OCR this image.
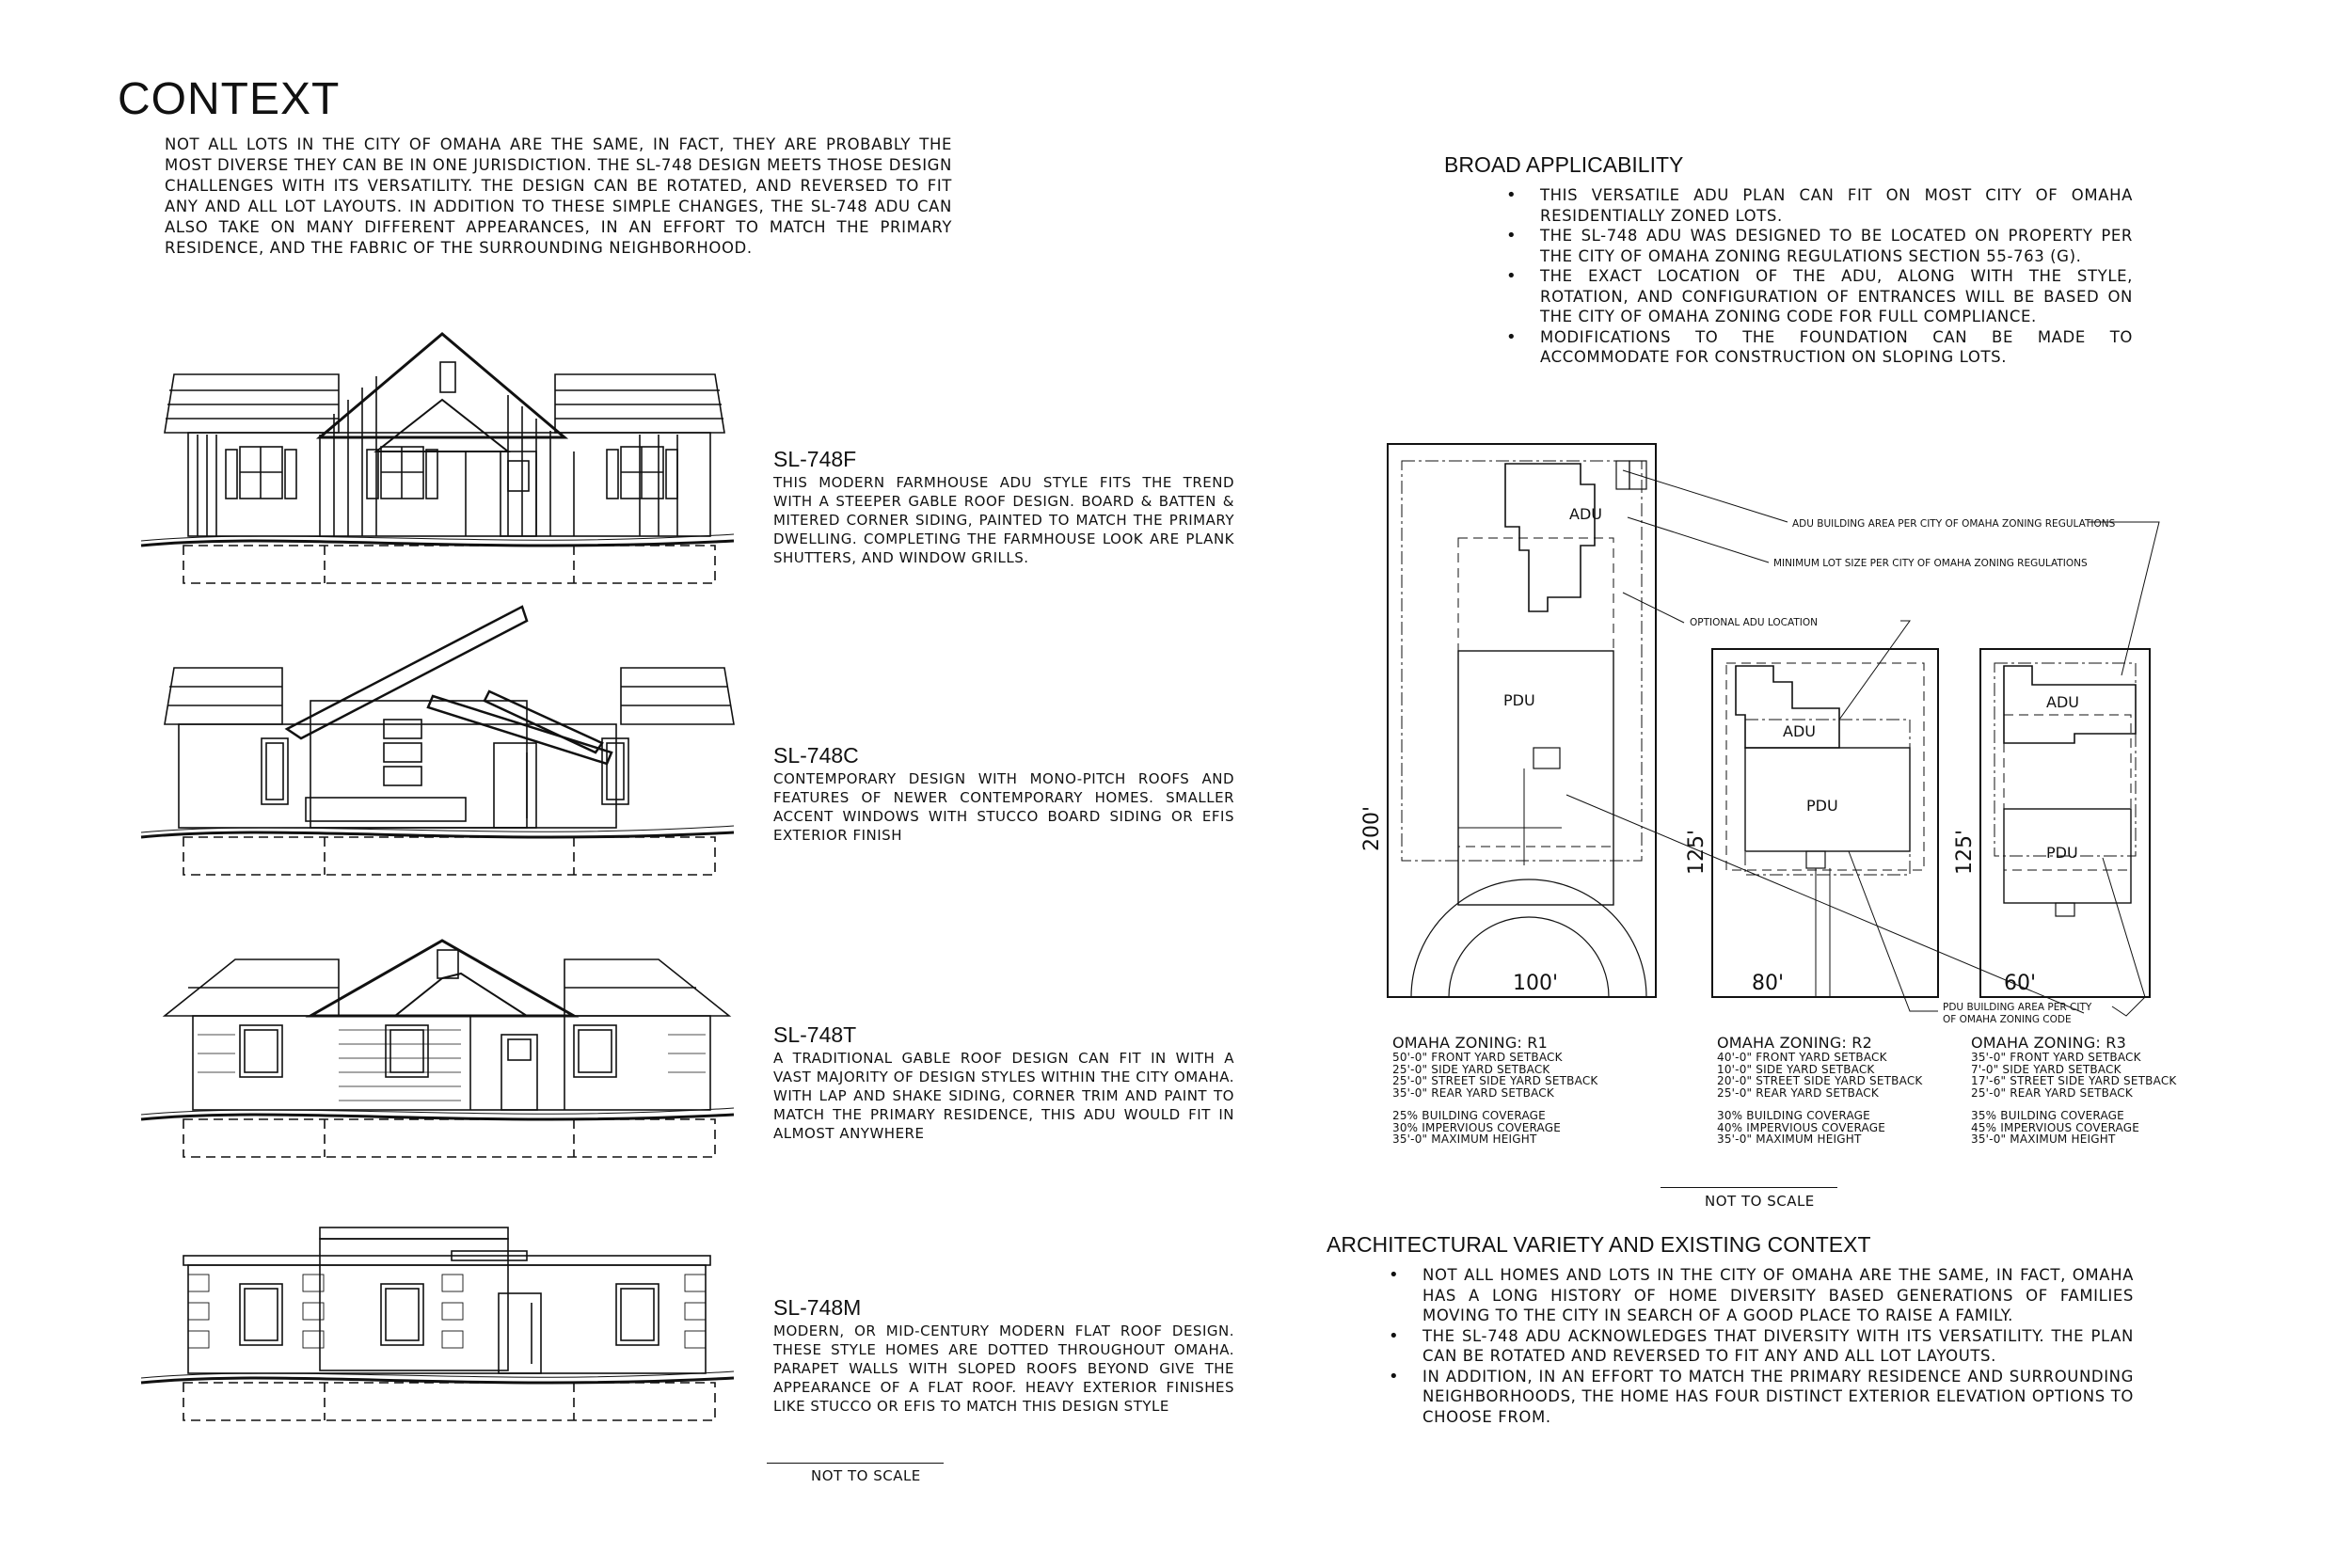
CONTEXT
NOT ALL LOTS IN THE CITY OF OMAHA ARE THE SAME, IN FACT, THEY ARE PROBABLY THE MOST DIVERSE THEY CAN BE IN ONE JURISDICTION. THE SL-748 DESIGN MEETS THOSE DESIGN CHALLENGES WITH ITS VERSATILITY. THE DESIGN CAN BE ROTATED, AND REVERSED TO FIT ANY AND ALL LOT LAYOUTS. IN ADDITION TO THESE SIMPLE CHANGES, THE SL-748 ADU CAN ALSO TAKE ON MANY DIFFERENT APPEARANCES, IN AN EFFORT TO MATCH THE PRIMARY RESIDENCE, AND THE FABRIC OF THE SURROUNDING NEIGHBORHOOD.
SL-748F
THIS MODERN FARMHOUSE ADU STYLE FITS THE TREND WITH A STEEPER GABLE ROOF DESIGN. BOARD & BATTEN & MITERED CORNER SIDING, PAINTED TO MATCH THE PRIMARY DWELLING. COMPLETING THE FARMHOUSE LOOK ARE PLANK SHUTTERS, AND WINDOW GRILLS.
SL-748C
CONTEMPORARY DESIGN WITH MONO-PITCH ROOFS AND FEATURES OF NEWER CONTEMPORARY HOMES. SMALLER ACCENT WINDOWS WITH STUCCO BOARD SIDING OR EFIS EXTERIOR FINISH
SL-748T
A TRADITIONAL GABLE ROOF DESIGN CAN FIT IN WITH A VAST MAJORITY OF DESIGN STYLES WITHIN THE CITY OMAHA. WITH LAP AND SHAKE SIDING, CORNER TRIM AND PAINT TO MATCH THE PRIMARY RESIDENCE, THIS ADU WOULD FIT IN ALMOST ANYWHERE
SL-748M
MODERN, OR MID-CENTURY MODERN FLAT ROOF DESIGN. THESE STYLE HOMES ARE DOTTED THROUGHOUT OMAHA. PARAPET WALLS WITH SLOPED ROOFS BEYOND GIVE THE APPEARANCE OF A FLAT ROOF. HEAVY EXTERIOR FINISHES LIKE STUCCO OR EFIS TO MATCH THIS DESIGN STYLE
NOT TO SCALE
BROAD APPLICABILITY
• THIS VERSATILE ADU PLAN CAN FIT ON MOST CITY OF OMAHA RESIDENTIALLY ZONED LOTS.
• THE SL-748 ADU WAS DESIGNED TO BE LOCATED ON PROPERTY PER THE CITY OF OMAHA ZONING REGULATIONS SECTION 55-763 (G).
• THE EXACT LOCATION OF THE ADU, ALONG WITH THE STYLE, ROTATION, AND CONFIGURATION OF ENTRANCES WILL BE BASED ON THE CITY OF OMAHA ZONING CODE FOR FULL COMPLIANCE.
• MODIFICATIONS TO THE FOUNDATION CAN BE MADE TO ACCOMMODATE FOR CONSTRUCTION ON SLOPING LOTS.
ADU
PDU
ADU
PDU
ADU
PDU
ADU BUILDING AREA PER CITY OF OMAHA ZONING REGULATIONS
MINIMUM LOT SIZE PER CITY OF OMAHA ZONING REGULATIONS
OPTIONAL ADU LOCATION
PDU BUILDING AREA PER CITY
OF OMAHA ZONING CODE
100'	80'	60'
200'
125'	125'
OMAHA ZONING: R1
50'-0" FRONT YARD SETBACK
25'-0" SIDE YARD SETBACK
25'-0" STREET SIDE YARD SETBACK
35'-0" REAR YARD SETBACK
25% BUILDING COVERAGE
30% IMPERVIOUS COVERAGE
35'-0" MAXIMUM HEIGHT
OMAHA ZONING: R2
40'-0" FRONT YARD SETBACK
10'-0" SIDE YARD SETBACK
20'-0" STREET SIDE YARD SETBACK
25'-0" REAR YARD SETBACK
30% BUILDING COVERAGE
40% IMPERVIOUS COVERAGE
35'-0" MAXIMUM HEIGHT
OMAHA ZONING: R3
35'-0" FRONT YARD SETBACK
7'-0" SIDE YARD SETBACK
17'-6" STREET SIDE YARD SETBACK
25'-0" REAR YARD SETBACK
35% BUILDING COVERAGE
45% IMPERVIOUS COVERAGE
35'-0" MAXIMUM HEIGHT
NOT TO SCALE
ARCHITECTURAL VARIETY AND EXISTING CONTEXT
• NOT ALL HOMES AND LOTS IN THE CITY OF OMAHA ARE THE SAME, IN FACT, OMAHA HAS A LONG HISTORY OF HOME DIVERSITY BASED GENERATIONS OF FAMILIES MOVING TO THE CITY IN SEARCH OF A GOOD PLACE TO RAISE A FAMILY.
• THE SL-748 ADU ACKNOWLEDGES THAT DIVERSITY WITH ITS VERSATILITY. THE PLAN CAN BE ROTATED AND REVERSED TO FIT ANY AND ALL LOT LAYOUTS.
• IN ADDITION, IN AN EFFORT TO MATCH THE PRIMARY RESIDENCE AND SURROUNDING NEIGHBORHOODS, THE HOME HAS FOUR DISTINCT EXTERIOR ELEVATION OPTIONS TO CHOOSE FROM.
